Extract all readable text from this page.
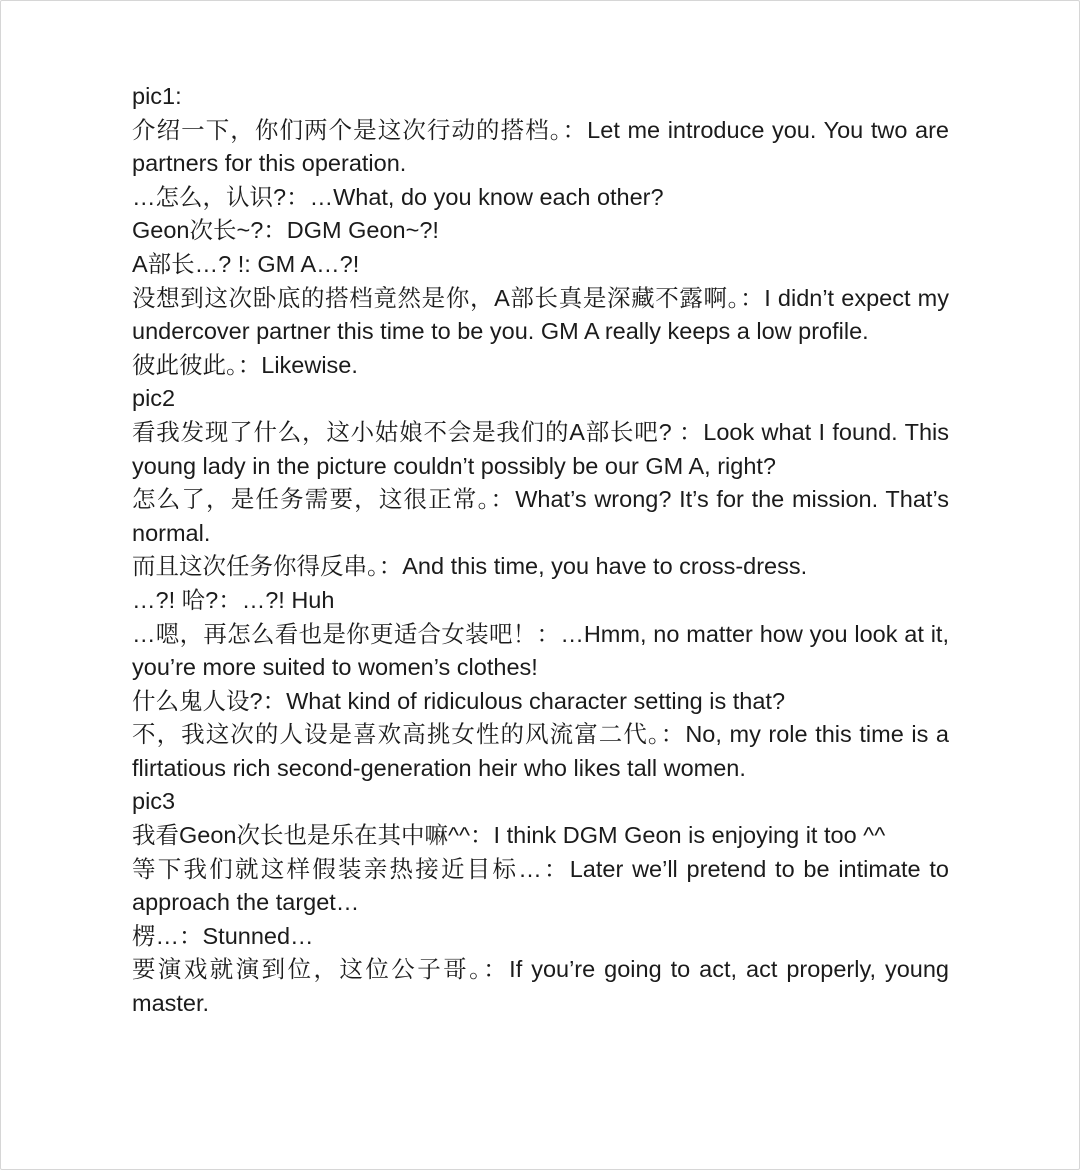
pic1:

介绍一下，你们两个是这次行动的搭档。：Let me introduce you. You two are partners for this operation.

…怎么，认识?：…What, do you know each other?

Geon次长~?：DGM Geon~?!

A部长…? !: GM A…?!

没想到这次卧底的搭档竟然是你，A部长真是深藏不露啊。：I didn’t expect my undercover partner this time to be you. GM A really keeps a low profile.

彼此彼此。：Likewise.

pic2

看我发现了什么，这小姑娘不会是我们的A部长吧? ：Look what I found. This young lady in the picture couldn’t possibly be our GM A, right?

怎么了，是任务需要，这很正常。：What’s wrong? It’s for the mission. That’s normal.

而且这次任务你得反串。：And this time, you have to cross-dress.

…?! 哈?：…?! Huh

…嗯，再怎么看也是你更适合女装吧！：…Hmm, no matter how you look at it, you’re more suited to women’s clothes!

什么鬼人设?：What kind of ridiculous character setting is that?

不，我这次的人设是喜欢高挑女性的风流富二代。：No, my role this time is a flirtatious rich second-generation heir who likes tall women.

pic3

我看Geon次长也是乐在其中嘛^^：I think DGM Geon is enjoying it too ^^

等下我们就这样假装亲热接近目标…：Later we’ll pretend to be intimate to approach the target…

楞…：Stunned…

要演戏就演到位，这位公子哥。：If you’re going to act, act properly, young master.
